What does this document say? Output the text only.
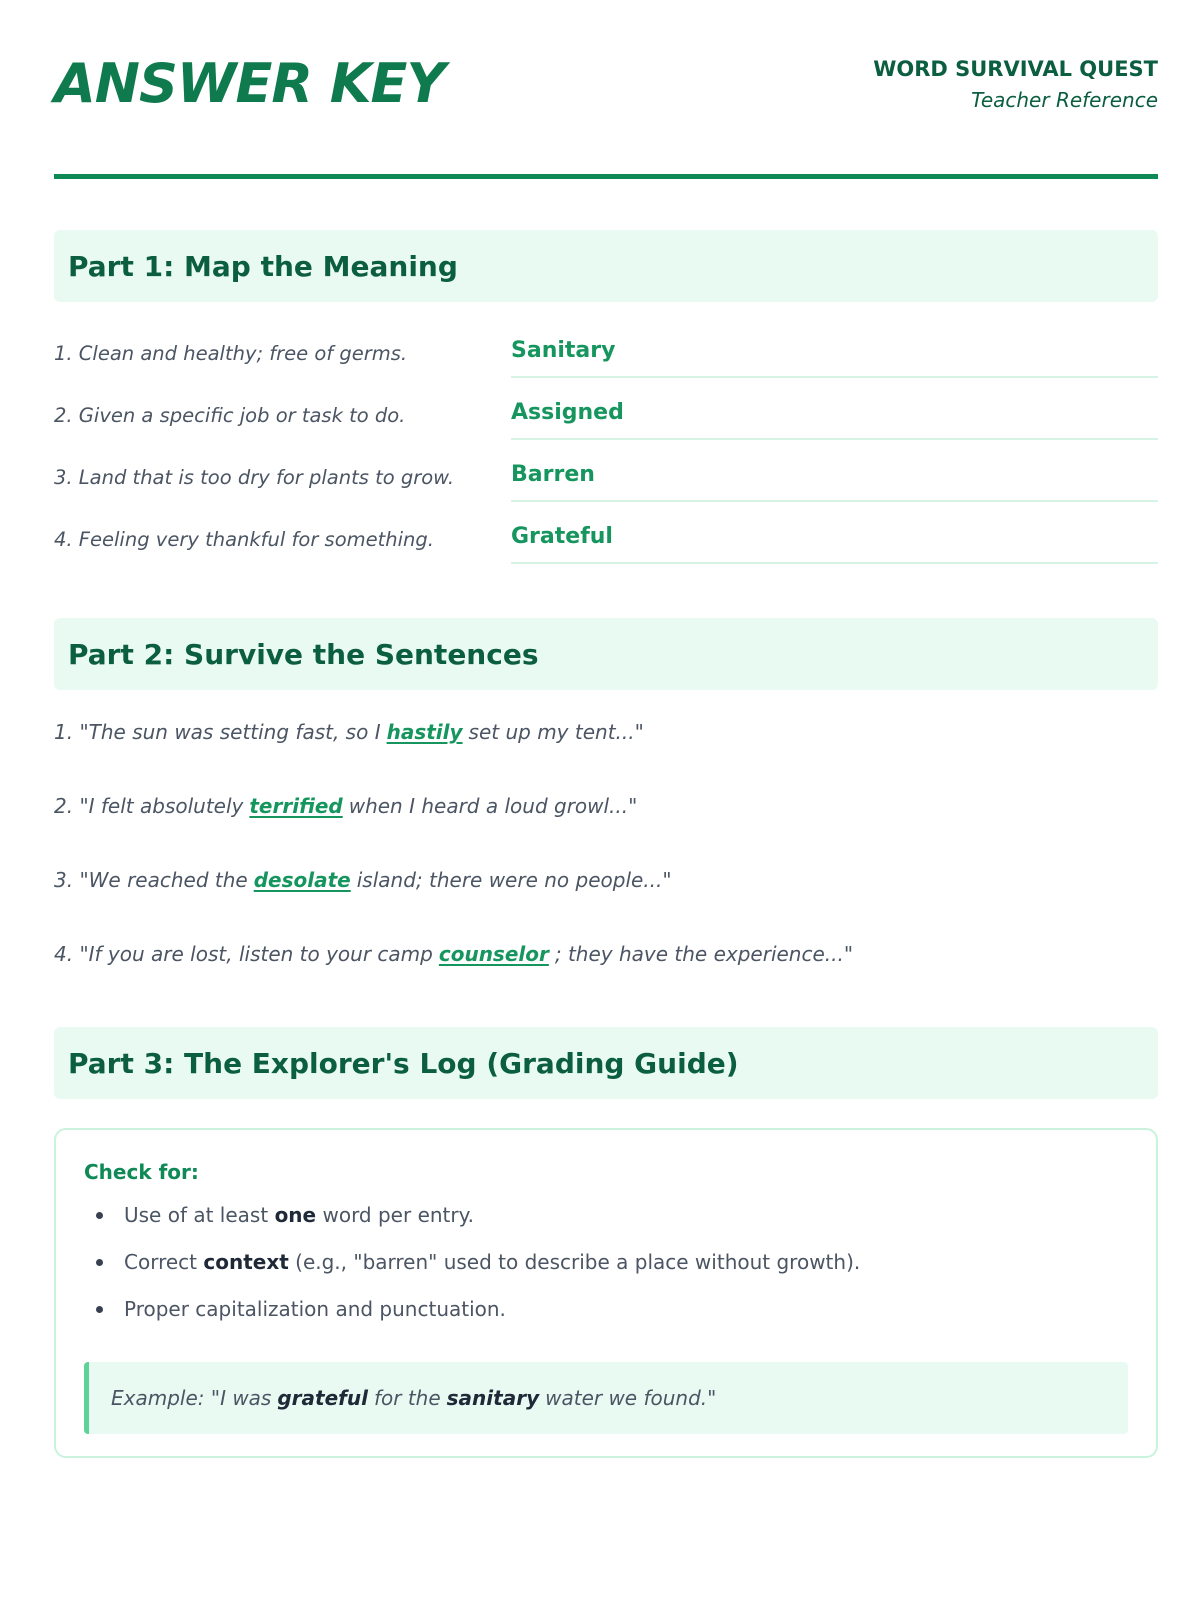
ANSWER KEY	WORD SURVIVAL QUEST
Teacher Reference
Part 1: Map the Meaning
1. Clean and healthy; free of germs.	Sanitary
2. Given a specific job or task to do.	Assigned
3. Land that is too dry for plants to grow.	Barren
4. Feeling very thankful for something.	Grateful
Part 2: Survive the Sentences
1. "The sun was setting fast, so I hastily set up my tent..."
2. "I felt absolutely terrified when I heard a loud growl..."
3. "We reached the desolate island; there were no people..."
4. "If you are lost, listen to your camp counselor ; they have the experience..."
Part 3: The Explorer's Log (Grading Guide)
Check for:
Use of at least one word per entry.
Correct context (e.g., "barren" used to describe a place without growth).
Proper capitalization and punctuation.
Example: "I was grateful for the sanitary water we found."
